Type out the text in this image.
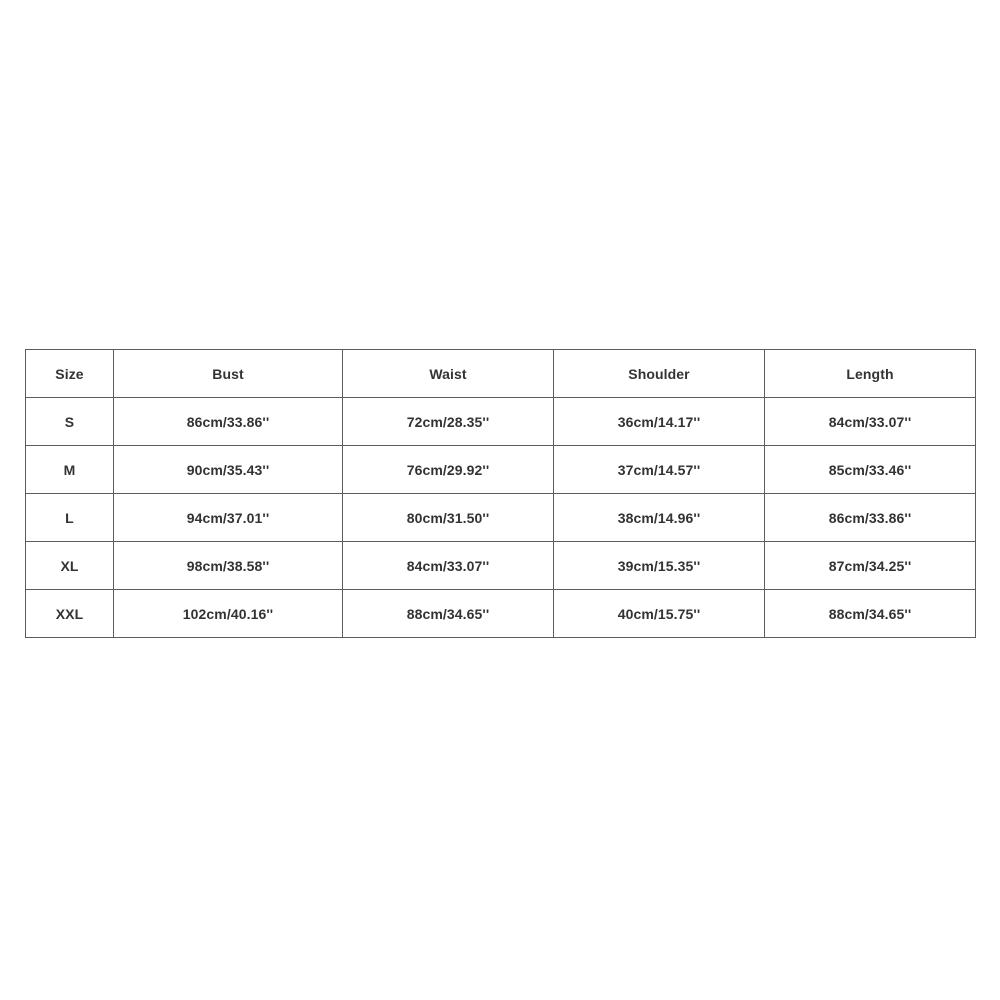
Size	Bust	Waist	Shoulder	Length
S	86cm/33.86''	72cm/28.35''	36cm/14.17''	84cm/33.07''
M	90cm/35.43''	76cm/29.92''	37cm/14.57''	85cm/33.46''
L	94cm/37.01''	80cm/31.50''	38cm/14.96''	86cm/33.86''
XL	98cm/38.58''	84cm/33.07''	39cm/15.35''	87cm/34.25''
XXL	102cm/40.16''	88cm/34.65''	40cm/15.75''	88cm/34.65''
